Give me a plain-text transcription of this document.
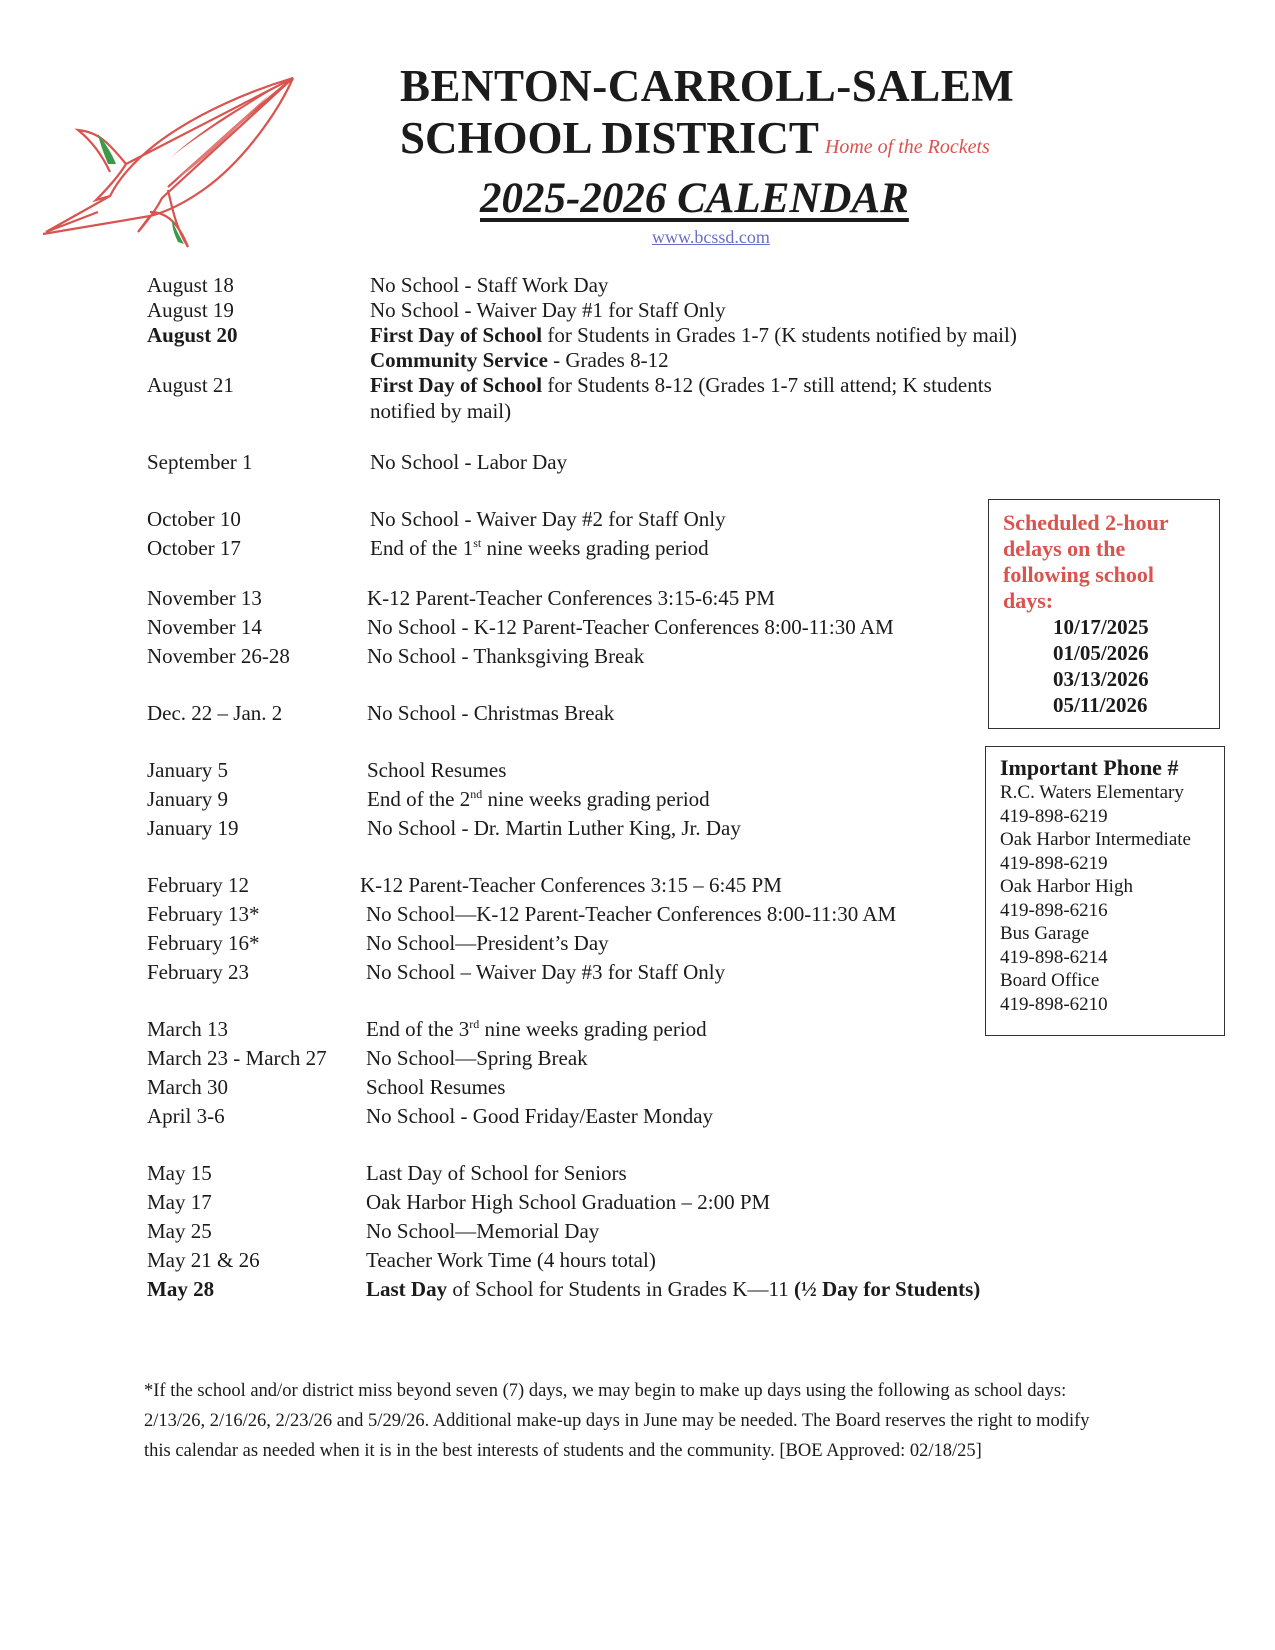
BENTON-CARROLL-SALEM
SCHOOL DISTRICT Home of the Rockets
2025-2026 CALENDAR
www.bcssd.com
August 18	No School - Staff Work Day
August 19	No School - Waiver Day #1 for Staff Only
August 20	First Day of School for Students in Grades 1-7 (K students notified by mail)
Community Service - Grades 8-12
August 21	First Day of School for Students 8-12 (Grades 1-7 still attend; K students notified by mail)
September 1	No School - Labor Day
October 10	No School - Waiver Day #2 for Staff Only
October 17	End of the 1st nine weeks grading period
November 13	K-12 Parent-Teacher Conferences 3:15-6:45 PM
November 14	No School - K-12 Parent-Teacher Conferences 8:00-11:30 AM
November 26-28	No School - Thanksgiving Break
Dec. 22 – Jan. 2	No School - Christmas Break
January 5	School Resumes
January 9	End of the 2nd nine weeks grading period
January 19	No School - Dr. Martin Luther King, Jr. Day
February 12	K-12 Parent-Teacher Conferences 3:15 – 6:45 PM
February 13*	No School—K-12 Parent-Teacher Conferences 8:00-11:30 AM
February 16*	No School—President’s Day
February 23	No School – Waiver Day #3 for Staff Only
March 13	End of the 3rd nine weeks grading period
March 23 - March 27 No School—Spring Break
March 30	School Resumes
April 3-6	No School - Good Friday/Easter Monday
May 15	Last Day of School for Seniors
May 17	Oak Harbor High School Graduation – 2:00 PM
May 25	No School—Memorial Day
May 21 & 26	Teacher Work Time (4 hours total)
May 28	Last Day of School for Students in Grades K—11 (½ Day for Students)
Scheduled 2-hour delays on the following school days:
10/17/2025
01/05/2026
03/13/2026
05/11/2026
Important Phone #
R.C. Waters Elementary
419-898-6219
Oak Harbor Intermediate
419-898-6219
Oak Harbor High
419-898-6216
Bus Garage
419-898-6214
Board Office
419-898-6210
*If the school and/or district miss beyond seven (7) days, we may begin to make up days using the following as school days: 2/13/26, 2/16/26, 2/23/26 and 5/29/26. Additional make-up days in June may be needed. The Board reserves the right to modify this calendar as needed when it is in the best interests of students and the community. [BOE Approved: 02/18/25]
